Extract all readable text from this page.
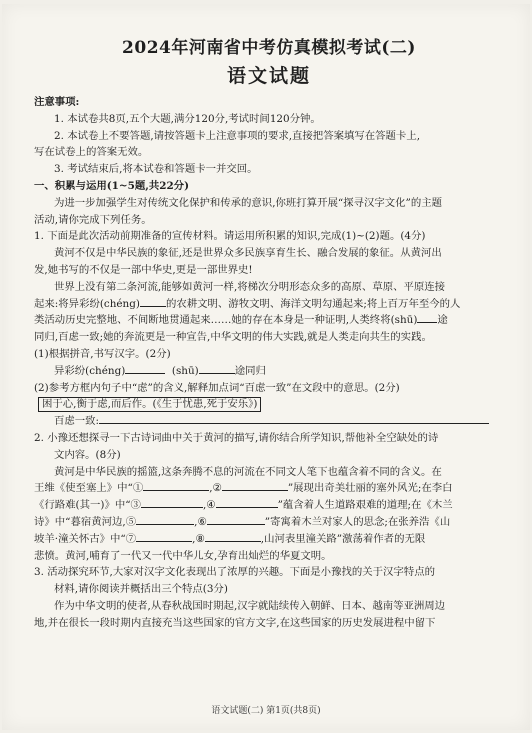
2024年河南省中考仿真模拟考试(二)
语文试题
注意事项:
1. 本试卷共8页,五个大题,满分120分,考试时间120分钟。
2. 本试卷上不要答题,请按答题卡上注意事项的要求,直接把答案填写在答题卡上,
写在试卷上的答案无效。
3. 考试结束后,将本试卷和答题卡一并交回。
一、积累与运用(1~5题,共22分)
为进一步加强学生对传统文化保护和传承的意识,你班打算开展“探寻汉字文化”的主题
活动,请你完成下列任务。
1. 下面是此次活动前期准备的宣传材料。请运用所积累的知识,完成(1)~(2)题。(4分)
黄河不仅是中华民族的象征,还是世界众多民族享育生长、融合发展的象征。从黄河出
发,她书写的不仅是一部中华史,更是一部世界史!
世界上没有第二条河流,能够如黄河一样,将梯次分明形态众多的高原、草原、平原连接
起来:将异彩纷(chéng)	的农耕文明、游牧文明、海洋文明勾通起来;将上百万年至今的人
类活动历史完整地、不间断地贯通起来……她的存在本身是一种证明,人类终将(shū) 途
同归,百虑一致;她的奔流更是一种宣告,中华文明的伟大实践,就是人类走向共生的实践。
(1)根据拼音,书写汉字。(2分)
异彩纷(chéng)	(shū)	途同归
(2)参考方框内句子中“虑”的含义,解释加点词“百虑一致”在文段中的意思。(2分)
困于心,衡于虑,而后作。(《生于忧患,死于安乐》)
百虑一致:
2. 小豫还想探寻一下古诗词曲中关于黄河的描写,请你结合所学知识,帮他补全空缺处的诗
文内容。(8分)
黄河是中华民族的摇篮,这条奔腾不息的河流在不同文人笔下也蕴含着不同的含义。在
王维《使至塞上》中“①	,②	”展现出奇美壮丽的塞外风光;在李白
《行路难(其一)》中“③	,④	”蕴含着人生道路艰难的道理;在《木兰
诗》中“暮宿黄河边,⑤	,⑥	”寄寓着木兰对家人的思念;在张养浩《山
坡羊·潼关怀古》中“⑦	,⑧	,山河表里潼关路”激荡着作者的无限
悲愤。黄河,哺育了一代又一代中华儿女,孕育出灿烂的华夏文明。
3. 活动探究环节,大家对汉字文化表现出了浓厚的兴趣。下面是小豫找的关于汉字特点的
材料,请你阅读并概括出三个特点(3分)
作为中华文明的使者,从春秋战国时期起,汉字就陆续传入朝鲜、日本、越南等亚洲周边
地,并在很长一段时期内直接充当这些国家的官方文字,在这些国家的历史发展进程中留下
语文试题(二) 第1页(共8页)
